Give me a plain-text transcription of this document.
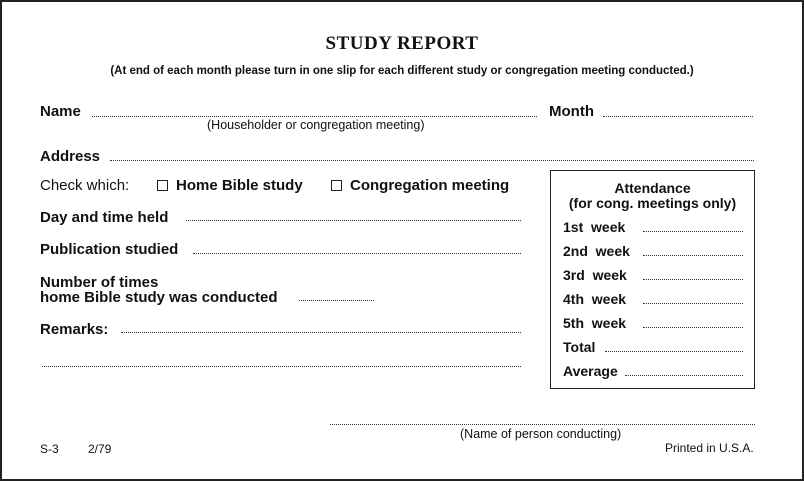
STUDY REPORT
(At end of each month please turn in one slip for each different study or congregation meeting conducted.)
Name
(Householder or congregation meeting)
Month
Address
Check which:	Home Bible study	Congregation meeting
Day and time held
Publication studied
Number of times
home Bible study was conducted
Remarks:
Attendance
(for cong. meetings only)
1st  week
2nd  week
3rd  week
4th  week
5th  week
Total
Average
(Name of person conducting)
S-3 2/79	Printed in U.S.A.
